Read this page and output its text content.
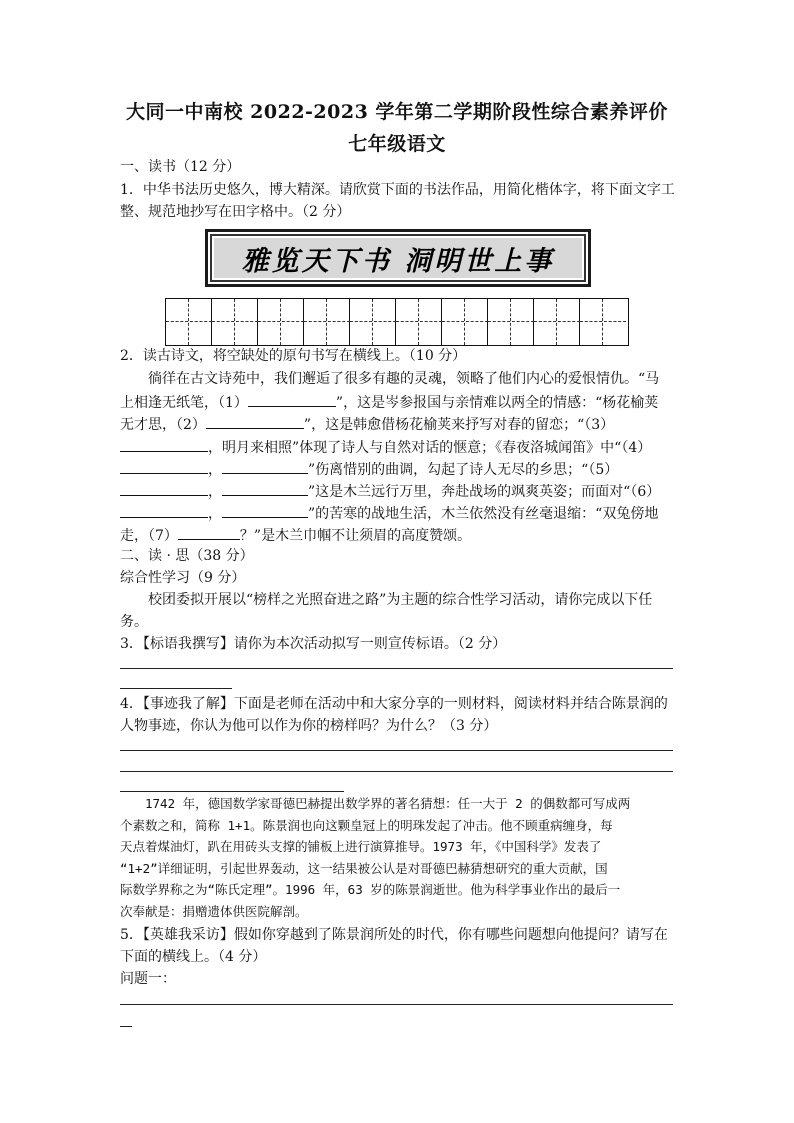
大同一中南校 2022-2023 学年第二学期阶段性综合素养评价
七年级语文
一、读书（12 分）
1．中华书法历史悠久，博大精深。请欣赏下面的书法作品，用简化楷体字，将下面文字工
整、规范地抄写在田字格中。（2 分）
雅览天下书 洞明世上事
2．读古诗文，将空缺处的原句书写在横线上。（10 分）
徜徉在古文诗苑中，我们邂逅了很多有趣的灵魂，领略了他们内心的爱恨情仇。“马
上相逢无纸笔，（1）	”，这是岑参报国与亲情难以两全的情感：“杨花榆荚
无才思，（2）	”，这是韩愈借杨花榆荚来抒写对春的留恋；“（3）
，明月来相照”体现了诗人与自然对话的惬意；《春夜洛城闻笛》中“（4）
，	”伤离惜别的曲调，勾起了诗人无尽的乡思；“（5）
，	”这是木兰远行万里，奔赴战场的飒爽英姿；而面对“（6）
，	”的苦寒的战地生活，木兰依然没有丝毫退缩：“双兔傍地
走，（7）	？”是木兰巾帼不让须眉的高度赞颂。
二、读 · 思（38 分）
综合性学习（9 分）
校团委拟开展以“榜样之光照奋进之路”为主题的综合性学习活动，请你完成以下任
务。
3．【标语我撰写】请你为本次活动拟写一则宣传标语。（2 分）
4．【事迹我了解】下面是老师在活动中和大家分享的一则材料，阅读材料并结合陈景润的
人物事迹，你认为他可以作为你的榜样吗？为什么？（3 分）
　　1742 年，德国数学家哥德巴赫提出数学界的著名猜想：任一大于 2 的偶数都可写成两
个素数之和，简称 1+1。陈景润也向这颗皇冠上的明珠发起了冲击。他不顾重病缠身，每
天点着煤油灯，趴在用砖头支撑的铺板上进行演算推导。1973 年，《中国科学》发表了
“1+2”详细证明，引起世界轰动，这一结果被公认是对哥德巴赫猜想研究的重大贡献，国
际数学界称之为“陈氏定理”。1996 年，63 岁的陈景润逝世。他为科学事业作出的最后一
次奉献是：捐赠遗体供医院解剖。
5．【英雄我采访】假如你穿越到了陈景润所处的时代，你有哪些问题想向他提问？请写在
下面的横线上。（4 分）
问题一：
